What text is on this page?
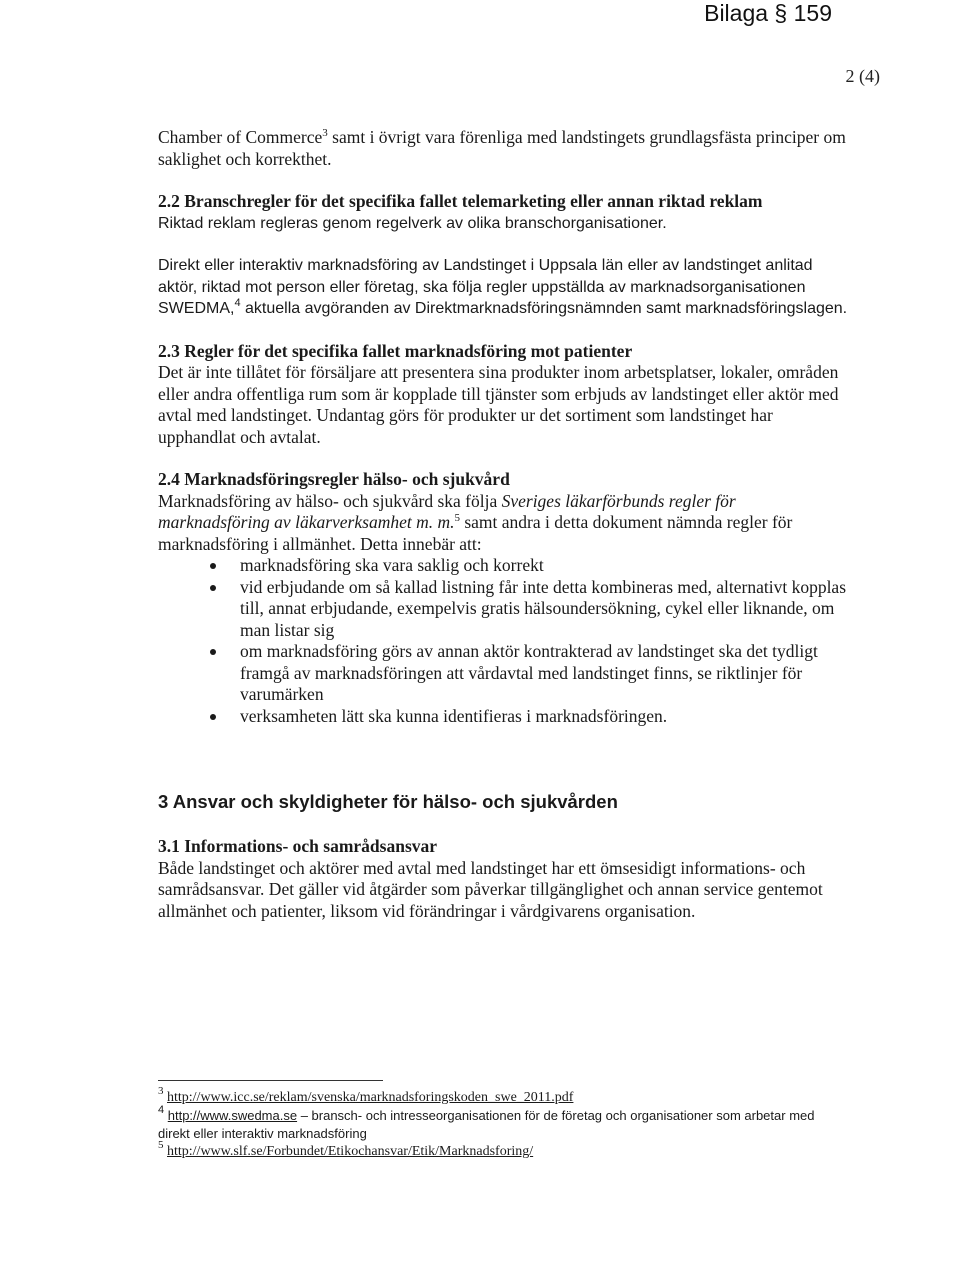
Bilaga § 159
2 (4)

Chamber of Commerce$^3$ samt i övrigt vara förenliga med landstingets grundlagsfästa principer om saklighet och korrekthet.

2.2 Branschregler för det specifika fallet telemarketing eller annan riktad reklam

Riktad reklam regleras genom regelverk av olika branschorganisationer.

Direkt eller interaktiv marknadsföring av Landstinget i Uppsala län eller av landstinget anlitad aktör, riktad mot person eller företag, ska följa regler uppställda av marknadsorganisationen SWEDMA,$^4$ aktuella avgöranden av Direktmarknadsföringsnämnden samt marknadsföringslagen.

2.3 Regler för det specifika fallet marknadsföring mot patienter

Det är inte tillåtet för försäljare att presentera sina produkter inom arbetsplatser, lokaler, områden eller andra offentliga rum som är kopplade till tjänster som erbjuds av landstinget eller aktör med avtal med landstinget. Undantag görs för produkter ur det sortiment som landstinget har upphandlat och avtalat.

2.4 Marknadsföringsregler hälso- och sjukvård

Marknadsföring av hälso- och sjukvård ska följa Sveriges läkarförbunds regler för marknadsföring av läkarverksamhet m. m.$^5$ samt andra i detta dokument nämnda regler för marknadsföring i allmänhet. Detta innebär att:

marknadsföring ska vara saklig och korrekt
vid erbjudande om så kallad listning får inte detta kombineras med, alternativt kopplas till, annat erbjudande, exempelvis gratis hälsoundersökning, cykel eller liknande, om man listar sig
om marknadsföring görs av annan aktör kontrakterad av landstinget ska det tydligt framgå av marknadsföringen att vårdavtal med landstinget finns, se riktlinjer för varumärken
verksamheten lätt ska kunna identifieras i marknadsföringen.
3 Ansvar och skyldigheter för hälso- och sjukvården
3.1 Informations- och samrådsansvar

Både landstinget och aktörer med avtal med landstinget har ett ömsesidigt informations- och samrådsansvar. Det gäller vid åtgärder som påverkar tillgänglighet och annan service gentemot allmänhet och patienter, liksom vid förändringar i vårdgivarens organisation.

$^3$ http://www.icc.se/reklam/svenska/marknadsforingskoden_swe_2011.pdf
$^4$ http://www.swedma.se – bransch- och intresseorganisationen för de företag och organisationer som arbetar med direkt eller interaktiv marknadsföring
$^5$ http://www.slf.se/Forbundet/Etikochansvar/Etik/Marknadsforing/
